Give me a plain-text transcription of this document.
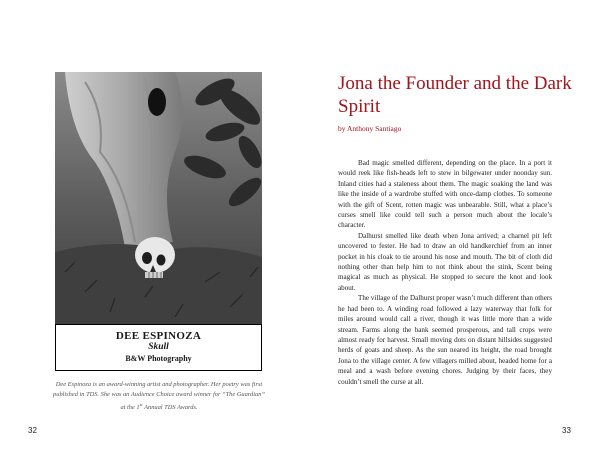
DEE ESPINOZA
Skull
B&W Photography
Dee Espinoza is an award-winning artist and photographer. Her poetry was first published in TDS. She was an Audience Choice award winner for “The Guardian” at the 1st Annual TDS Awards.
32
Jona the Founder and the Dark Spirit
by Anthony Santiago

Bad magic smelled different, depending on the place. In a port it would reek like fish-heads left to stew in bilgewater under noonday sun. Inland cities had a staleness about them. The magic soaking the land was like the inside of a wardrobe stuffed with once-damp clothes. To someone with the gift of Scent, rotten magic was unbearable. Still, what a place’s curses smell like could tell such a person much about the locale’s character.

Dalhurst smelled like death when Jona arrived; a charnel pit left uncovered to fester. He had to draw an old handkerchief from an inner pocket in his cloak to tie around his nose and mouth. The bit of cloth did nothing other than help him to not think about the stink, Scent being magical as much as physical. He stopped to secure the knot and look about.

The village of the Dalhurst proper wasn’t much different than others he had been to. A winding road followed a lazy waterway that folk for miles around would call a river, though it was little more than a wide stream. Farms along the bank seemed prosperous, and tall crops were almost ready for harvest. Small moving dots on distant hillsides suggested herds of goats and sheep. As the sun neared its height, the road brought Jona to the village center. A few villagers milled about, headed home for a meal and a wash before evening chores. Judging by their faces, they couldn’t smell the curse at all.

33
